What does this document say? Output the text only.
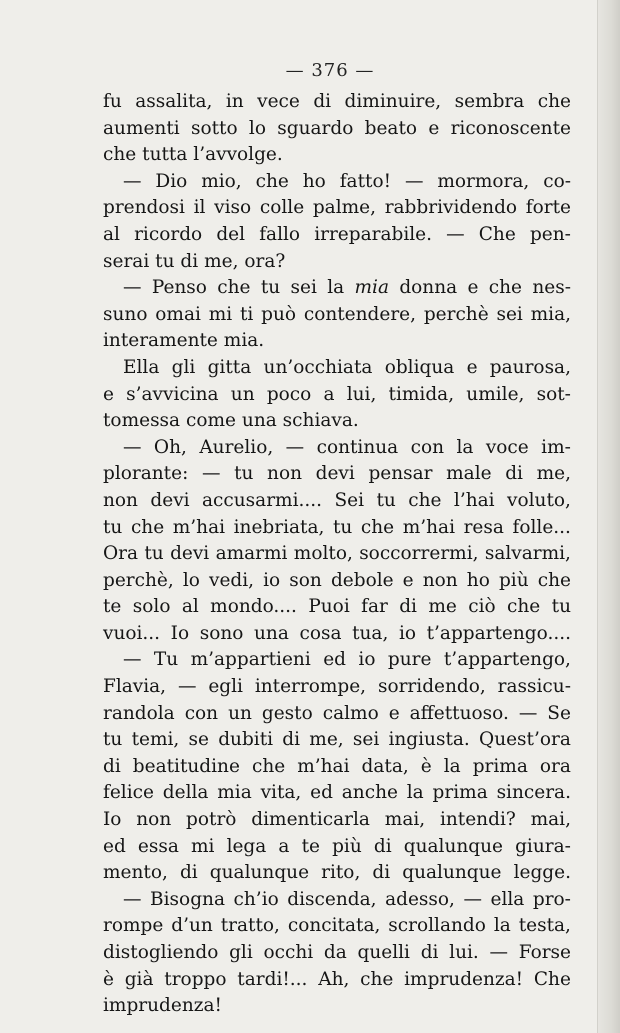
— 376 —
fu assalita, in vece di diminuire, sembra che
aumenti sotto lo sguardo beato e riconoscente
che tutta l’avvolge.
— Dio mio, che ho fatto! — mormora, co-
prendosi il viso colle palme, rabbrividendo forte
al ricordo del fallo irreparabile. — Che pen-
serai tu di me, ora?
— Penso che tu sei la mia donna e che nes-
suno omai mi ti può contendere, perchè sei mia,
interamente mia.
Ella gli gitta un’occhiata obliqua e paurosa,
e s’avvicina un poco a lui, timida, umile, sot-
tomessa come una schiava.
— Oh, Aurelio, — continua con la voce im-
plorante: — tu non devi pensar male di me,
non devi accusarmi.... Sei tu che l’hai voluto,
tu che m’hai inebriata, tu che m’hai resa folle...
Ora tu devi amarmi molto, soccorrermi, salvarmi,
perchè, lo vedi, io son debole e non ho più che
te solo al mondo.... Puoi far di me ciò che tu
vuoi... Io sono una cosa tua, io t’appartengo....
— Tu m’appartieni ed io pure t’appartengo,
Flavia, — egli interrompe, sorridendo, rassicu-
randola con un gesto calmo e affettuoso. — Se
tu temi, se dubiti di me, sei ingiusta. Quest’ora
di beatitudine che m’hai data, è la prima ora
felice della mia vita, ed anche la prima sincera.
Io non potrò dimenticarla mai, intendi? mai,
ed essa mi lega a te più di qualunque giura-
mento, di qualunque rito, di qualunque legge.
— Bisogna ch’io discenda, adesso, — ella pro-
rompe d’un tratto, concitata, scrollando la testa,
distogliendo gli occhi da quelli di lui. — Forse
è già troppo tardi!... Ah, che imprudenza! Che
imprudenza!
